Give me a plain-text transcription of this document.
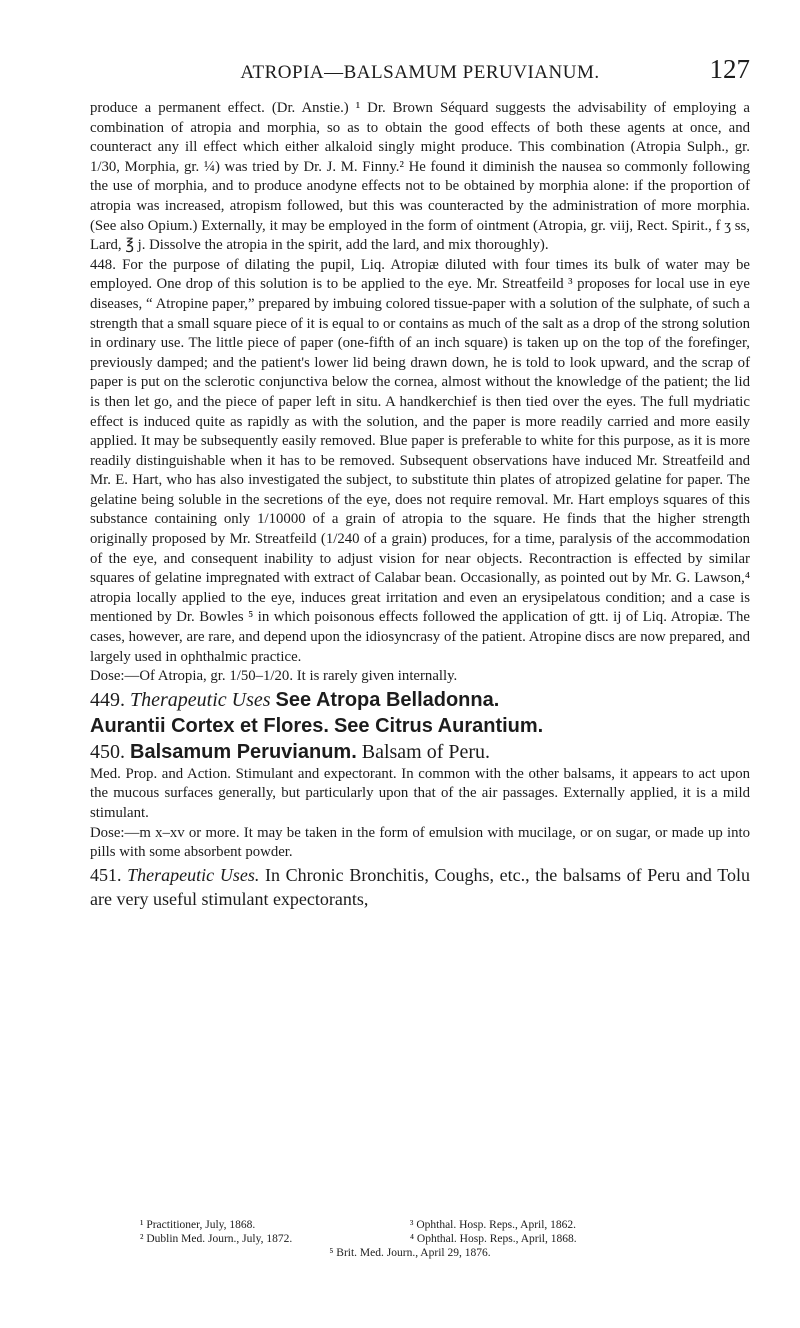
ATROPIA—BALSAMUM PERUVIANUM.	127

produce a permanent effect. (Dr. Anstie.) ¹ Dr. Brown Séquard suggests the advisability of employing a combination of atropia and morphia, so as to obtain the good effects of both these agents at once, and counteract any ill effect which either alkaloid singly might produce. This combination (Atropia Sulph., gr. 1/30, Morphia, gr. ¼) was tried by Dr. J. M. Finny.² He found it diminish the nausea so commonly following the use of morphia, and to produce anodyne effects not to be obtained by morphia alone: if the proportion of atropia was increased, atropism followed, but this was counteracted by the administration of more morphia. (See also Opium.) Externally, it may be employed in the form of ointment (Atropia, gr. viij, Rect. Spirit., f ʒ ss, Lard, ℥ j. Dissolve the atropia in the spirit, add the lard, and mix thoroughly).

448. For the purpose of dilating the pupil, Liq. Atropiæ diluted with four times its bulk of water may be employed. One drop of this solution is to be applied to the eye. Mr. Streatfeild ³ proposes for local use in eye diseases, “ Atropine paper,” prepared by imbuing colored tissue-paper with a solution of the sulphate, of such a strength that a small square piece of it is equal to or contains as much of the salt as a drop of the strong solution in ordinary use. The little piece of paper (one-fifth of an inch square) is taken up on the top of the forefinger, previously damped; and the patient's lower lid being drawn down, he is told to look upward, and the scrap of paper is put on the sclerotic conjunctiva below the cornea, almost without the knowledge of the patient; the lid is then let go, and the piece of paper left in situ. A handkerchief is then tied over the eyes. The full mydriatic effect is induced quite as rapidly as with the solution, and the paper is more readily carried and more easily applied. It may be subsequently easily removed. Blue paper is preferable to white for this purpose, as it is more readily distinguishable when it has to be removed. Subsequent observations have induced Mr. Streatfeild and Mr. E. Hart, who has also investigated the subject, to substitute thin plates of atropized gelatine for paper. The gelatine being soluble in the secretions of the eye, does not require removal. Mr. Hart employs squares of this substance containing only 1/10000 of a grain of atropia to the square. He finds that the higher strength originally proposed by Mr. Streatfeild (1/240 of a grain) produces, for a time, paralysis of the accommodation of the eye, and consequent inability to adjust vision for near objects. Recontraction is effected by similar squares of gelatine impregnated with extract of Calabar bean. Occasionally, as pointed out by Mr. G. Lawson,⁴ atropia locally applied to the eye, induces great irritation and even an erysipelatous condition; and a case is mentioned by Dr. Bowles ⁵ in which poisonous effects followed the application of gtt. ij of Liq. Atropiæ. The cases, however, are rare, and depend upon the idiosyncrasy of the patient. Atropine discs are now prepared, and largely used in ophthalmic practice.

Dose:—Of Atropia, gr. 1/50–1/20. It is rarely given internally.

449. Therapeutic Uses See Atropa Belladonna.

Aurantii Cortex et Flores. See Citrus Aurantium.

450. Balsamum Peruvianum. Balsam of Peru.

Med. Prop. and Action. Stimulant and expectorant. In common with the other balsams, it appears to act upon the mucous surfaces generally, but particularly upon that of the air passages. Externally applied, it is a mild stimulant.

Dose:—m x–xv or more. It may be taken in the form of emulsion with mucilage, or on sugar, or made up into pills with some absorbent powder.

451. Therapeutic Uses. In Chronic Bronchitis, Coughs, etc., the balsams of Peru and Tolu are very useful stimulant expectorants,

¹ Practitioner, July, 1868.	³ Ophthal. Hosp. Reps., April, 1862.
² Dublin Med. Journ., July, 1872.	⁴ Ophthal. Hosp. Reps., April, 1868.
⁵ Brit. Med. Journ., April 29, 1876.
